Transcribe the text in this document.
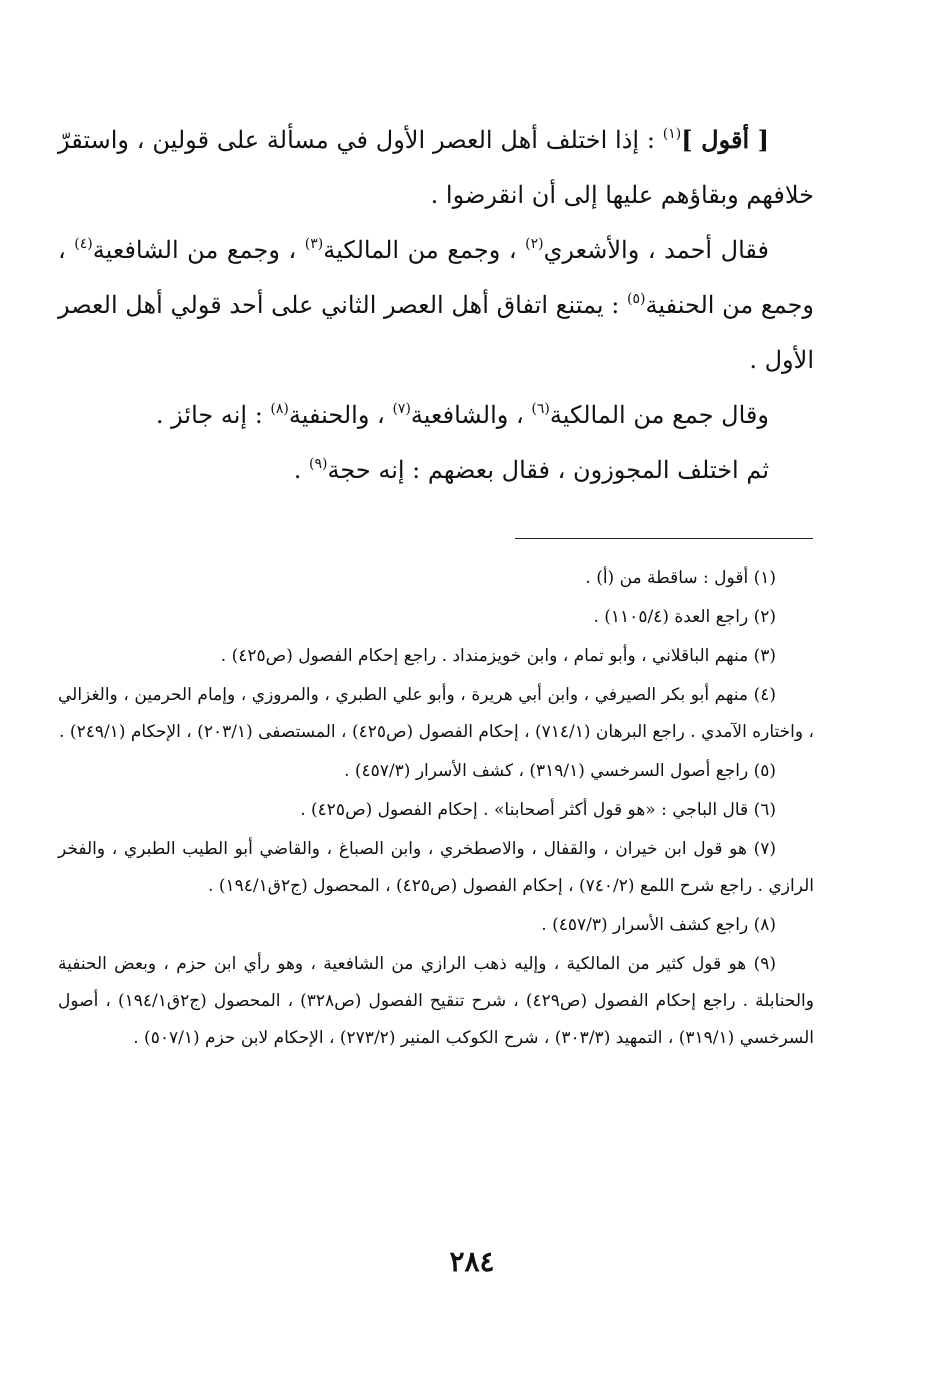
[ أقول ]$^{(١)}$ : إذا اختلف أهل العصر الأول في مسألة على قولين ، واستقرّ خلافهم وبقاؤهم عليها إلى أن انقرضوا .

فقال أحمد ، والأشعري$^{(٢)}$ ، وجمع من المالكية$^{(٣)}$ ، وجمع من الشافعية$^{(٤)}$ ، وجمع من الحنفية$^{(٥)}$ : يمتنع اتفاق أهل العصر الثاني على أحد قولي أهل العصر الأول .

وقال جمع من المالكية$^{(٦)}$ ، والشافعية$^{(٧)}$ ، والحنفية$^{(٨)}$ : إنه جائز .

ثم اختلف المجوزون ، فقال بعضهم : إنه حجة$^{(٩)}$ .

(١) أقول : ساقطة من (أ) .

(٢) راجع العدة (١١٠٥/٤) .

(٣) منهم الباقلاني ، وأبو تمام ، وابن خويزمنداد . راجع إحكام الفصول (ص٤٢٥) .

(٤) منهم أبو بكر الصيرفي ، وابن أبي هريرة ، وأبو علي الطبري ، والمروزي ، وإمام الحرمين ، والغزالي ، واختاره الآمدي . راجع البرهان (٧١٤/١) ، إحكام الفصول (ص٤٢٥) ، المستصفى (٢٠٣/١) ، الإحكام (٢٤٩/١) .

(٥) راجع أصول السرخسي (٣١٩/١) ، كشف الأسرار (٤٥٧/٣) .

(٦) قال الباجي : «هو قول أكثر أصحابنا» . إحكام الفصول (ص٤٢٥) .

(٧) هو قول ابن خيران ، والقفال ، والاصطخري ، وابن الصباغ ، والقاضي أبو الطيب الطبري ، والفخر الرازي . راجع شرح اللمع (٧٤٠/٢) ، إحكام الفصول (ص٤٢٥) ، المحصول (ج٢ق١٩٤/١) .

(٨) راجع كشف الأسرار (٤٥٧/٣) .

(٩) هو قول كثير من المالكية ، وإليه ذهب الرازي من الشافعية ، وهو رأي ابن حزم ، وبعض الحنفية والحنابلة . راجع إحكام الفصول (ص٤٢٩) ، شرح تنقيح الفصول (ص٣٢٨) ، المحصول (ج٢ق١٩٤/١) ، أصول السرخسي (٣١٩/١) ، التمهيد (٣٠٣/٣) ، شرح الكوكب المنير (٢٧٣/٢) ، الإحكام لابن حزم (٥٠٧/١) .

٢٨٤
